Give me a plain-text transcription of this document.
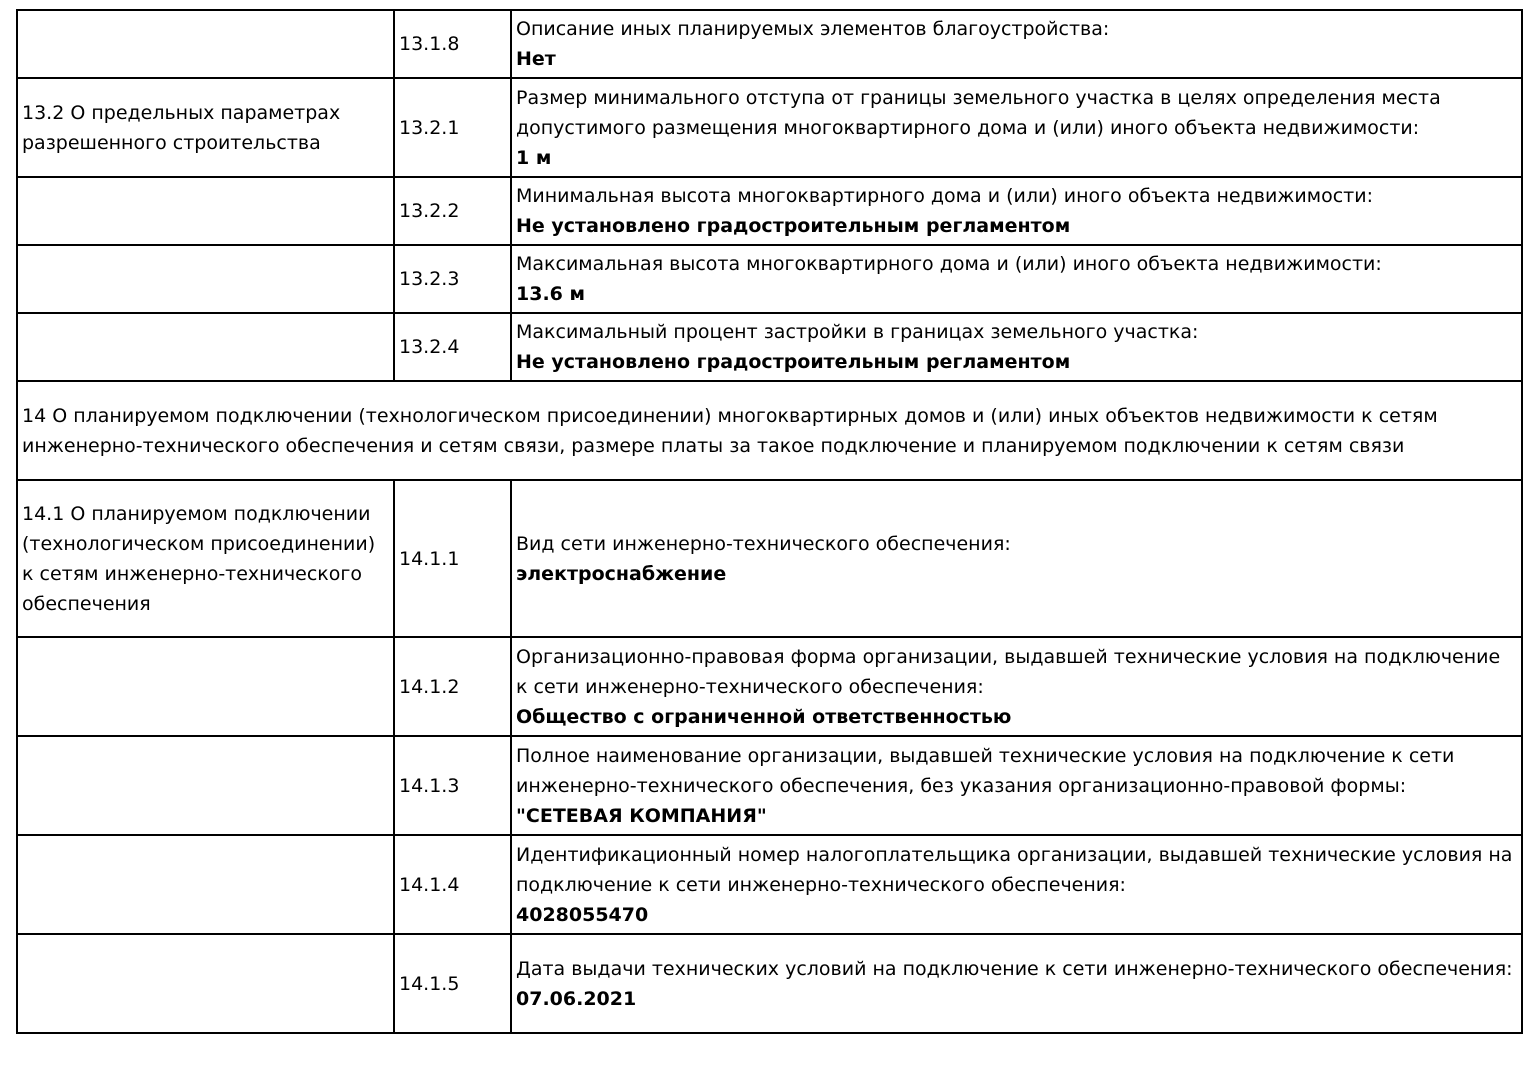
	13.1.8	Описание иных планируемых элементов благоустройства:
Нет

13.2 О предельных параметрах разрешенного строительства	13.2.1	Размер минимального отступа от границы земельного участка в целях определения места допустимого размещения многоквартирного дома и (или) иного объекта недвижимости:
1 м

	13.2.2	Минимальная высота многоквартирного дома и (или) иного объекта недвижимости:
Не установлено градостроительным регламентом

	13.2.3	Максимальная высота многоквартирного дома и (или) иного объекта недвижимости:
13.6 м

	13.2.4	Максимальный процент застройки в границах земельного участка:
Не установлено градостроительным регламентом

14 О планируемом подключении (технологическом присоединении) многоквартирных домов и (или) иных объектов недвижимости к сетям инженерно-технического обеспечения и сетям связи, размере платы за такое подключение и планируемом подключении к сетям связи		
14.1 О планируемом подключении (технологическом присоединении) к сетям инженерно-технического обеспечения	14.1.1	Вид сети инженерно-технического обеспечения:
электроснабжение

	14.1.2	Организационно-правовая форма организации, выдавшей технические условия на подключение к сети инженерно-технического обеспечения:
Общество с ограниченной ответственностью

	14.1.3	Полное наименование организации, выдавшей технические условия на подключение к сети инженерно-технического обеспечения, без указания организационно-правовой формы:
"СЕТЕВАЯ КОМПАНИЯ"

	14.1.4	Идентификационный номер налогоплательщика организации, выдавшей технические условия на подключение к сети инженерно-технического обеспечения:
4028055470

	14.1.5	Дата выдачи технических условий на подключение к сети инженерно-технического обеспечения:
07.06.2021
